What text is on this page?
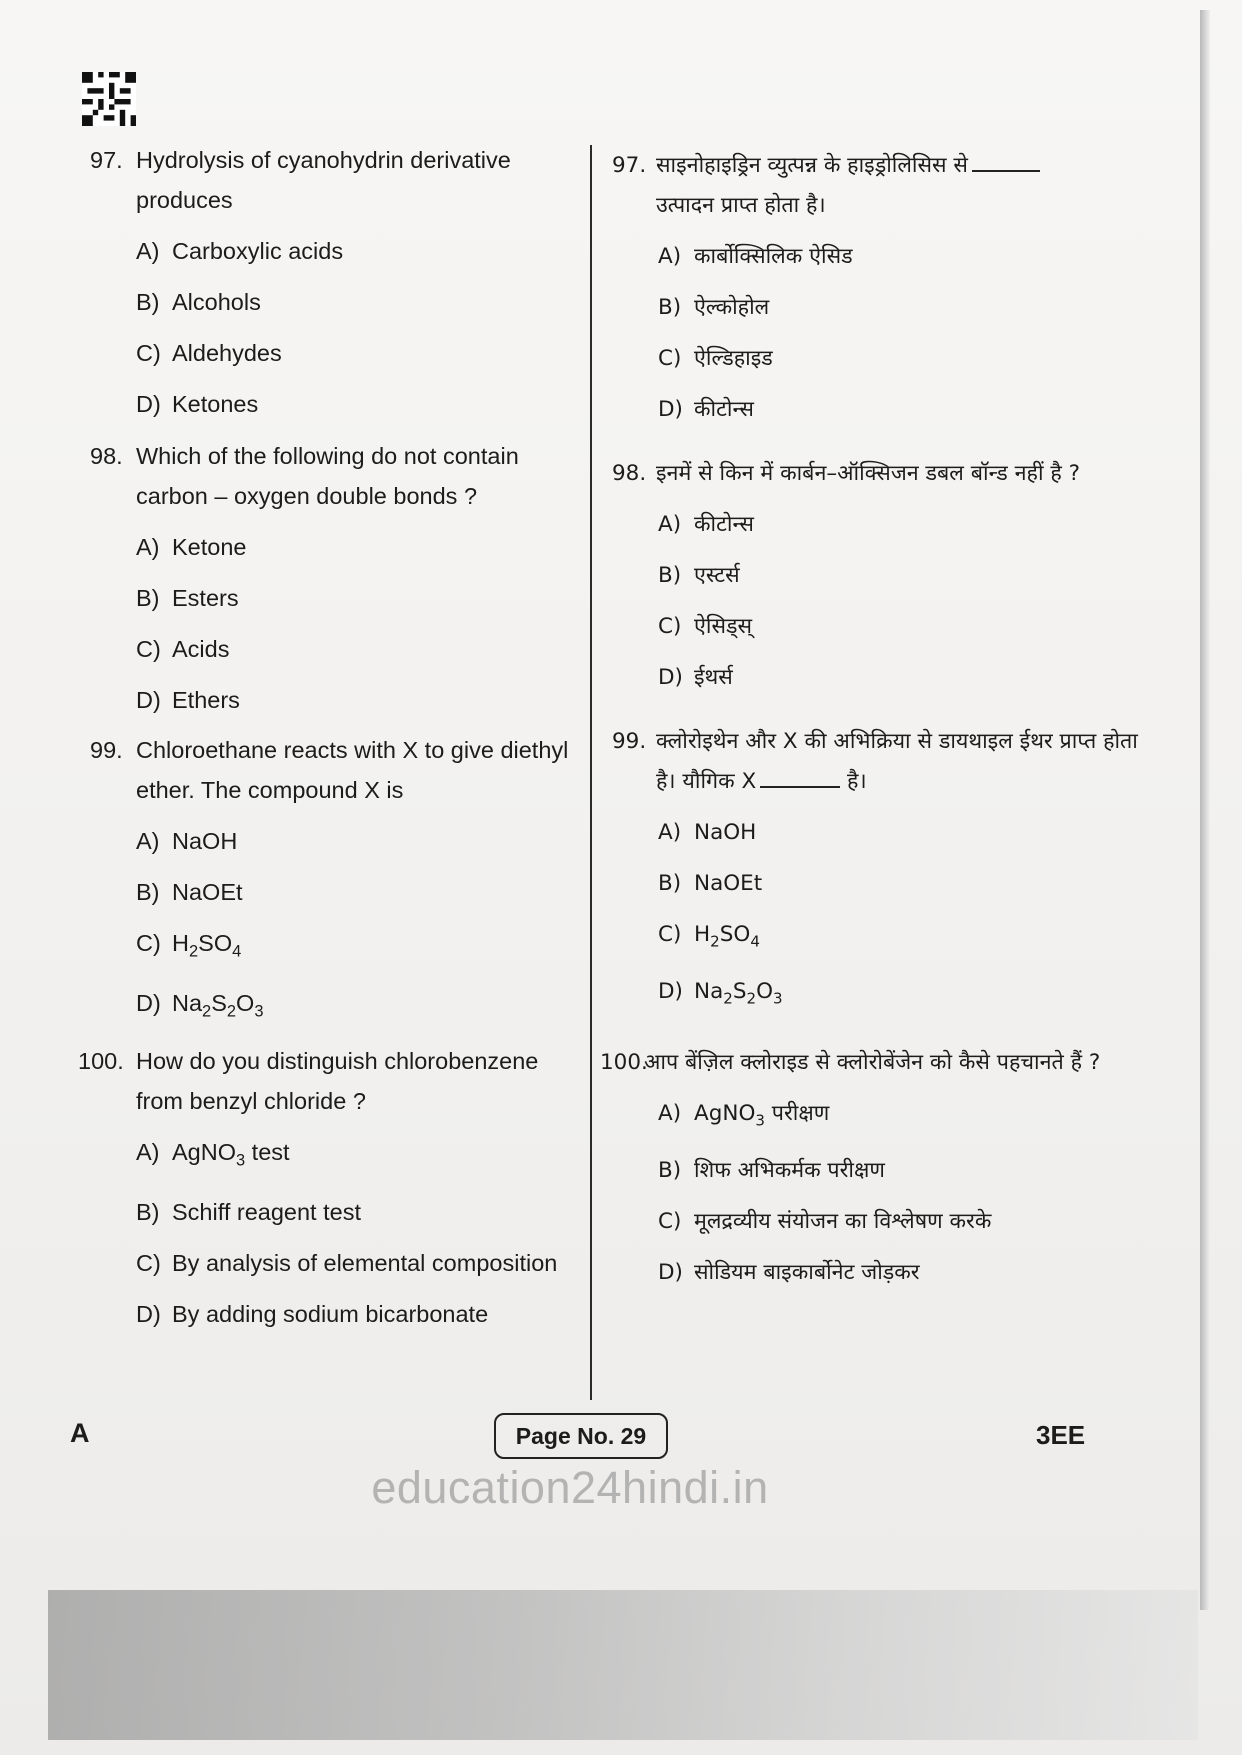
97. Hydrolysis of cyanohydrin derivative produces
A) Carboxylic acids
B) Alcohols
C) Aldehydes
D) Ketones
98. Which of the following do not contain carbon – oxygen double bonds ?
A) Ketone
B) Esters
C) Acids
D) Ethers
99. Chloroethane reacts with X to give diethyl ether. The compound X is
A) NaOH
B) NaOEt
C) $H_2SO_4$
D) $Na_2S_2O_3$
100. How do you distinguish chlorobenzene from benzyl chloride ?
A) AgNO$_3$ test
B) Schiff reagent test
C) By analysis of elemental composition
D) By adding sodium bicarbonate
97. साइनोहाइड्रिन व्युत्पन्न के हाइड्रोलिसिस से
उत्पादन प्राप्त होता है।
A) कार्बोक्सिलिक ऐसिड
B) ऐल्कोहोल
C) ऐल्डिहाइड
D) कीटोन्स
98. इनमें से किन में कार्बन–ऑक्सिजन डबल बॉन्ड नहीं है ?
A) कीटोन्स
B) एस्टर्स
C) ऐसिड्स्
D) ईथर्स
99. क्लोरोइथेन और X की अभिक्रिया से डायथाइल ईथर प्राप्त होता है। यौगिक X	है।
A) NaOH
B) NaOEt
C) $H_2SO_4$
D) $Na_2S_2O_3$
100.
आप बेंज़िल क्लोराइड से क्लोरोबेंजेन को कैसे पहचानते हैं ?
A) AgNO$_3$ परीक्षण
B) शिफ अभिकर्मक परीक्षण
C) मूलद्रव्यीय संयोजन का विश्लेषण करके
D) सोडियम बाइकार्बोनेट जोड़कर
A	Page No. 29	3EE
education24hindi.in
